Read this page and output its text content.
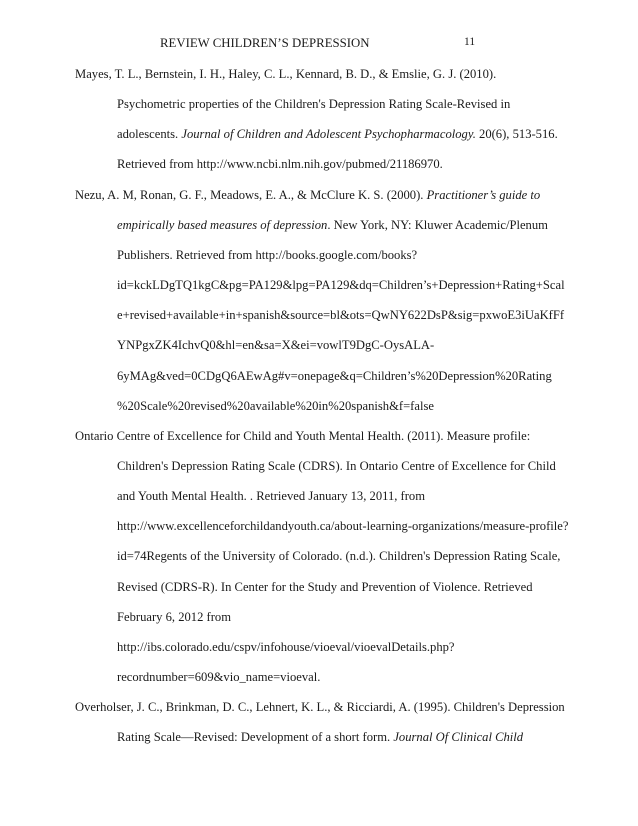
REVIEW CHILDREN’S DEPRESSION	11
Mayes, T. L., Bernstein, I. H., Haley, C. L., Kennard, B. D., & Emslie, G. J. (2010).
Psychometric properties of the Children's Depression Rating Scale-Revised in
adolescents. Journal of Children and Adolescent Psychopharmacology. 20(6), 513-516.
Retrieved from http://www.ncbi.nlm.nih.gov/pubmed/21186970.
Nezu, A. M, Ronan, G. F., Meadows, E. A., & McClure K. S. (2000). Practitioner’s guide to
empirically based measures of depression. New York, NY: Kluwer Academic/Plenum
Publishers. Retrieved from http://books.google.com/books?
id=kckLDgTQ1kgC&pg=PA129&lpg=PA129&dq=Children’s+Depression+Rating+Scal
e+revised+available+in+spanish&source=bl&ots=QwNY622DsP&sig=pxwoE3iUaKfFf
YNPgxZK4IchvQ0&hl=en&sa=X&ei=vowlT9DgC-OysALA-
6yMAg&ved=0CDgQ6AEwAg#v=onepage&q=Children’s%20Depression%20Rating
%20Scale%20revised%20available%20in%20spanish&f=false
Ontario Centre of Excellence for Child and Youth Mental Health. (2011). Measure profile:
Children's Depression Rating Scale (CDRS). In Ontario Centre of Excellence for Child
and Youth Mental Health. . Retrieved January 13, 2011, from
http://www.excellenceforchildandyouth.ca/about-learning-organizations/measure-profile?
id=74Regents of the University of Colorado. (n.d.). Children's Depression Rating Scale,
Revised (CDRS-R). In Center for the Study and Prevention of Violence. Retrieved
February 6, 2012 from
http://ibs.colorado.edu/cspv/infohouse/vioeval/vioevalDetails.php?
recordnumber=609&vio_name=vioeval.
Overholser, J. C., Brinkman, D. C., Lehnert, K. L., & Ricciardi, A. (1995). Children's Depression
Rating Scale—Revised: Development of a short form. Journal Of Clinical Child
